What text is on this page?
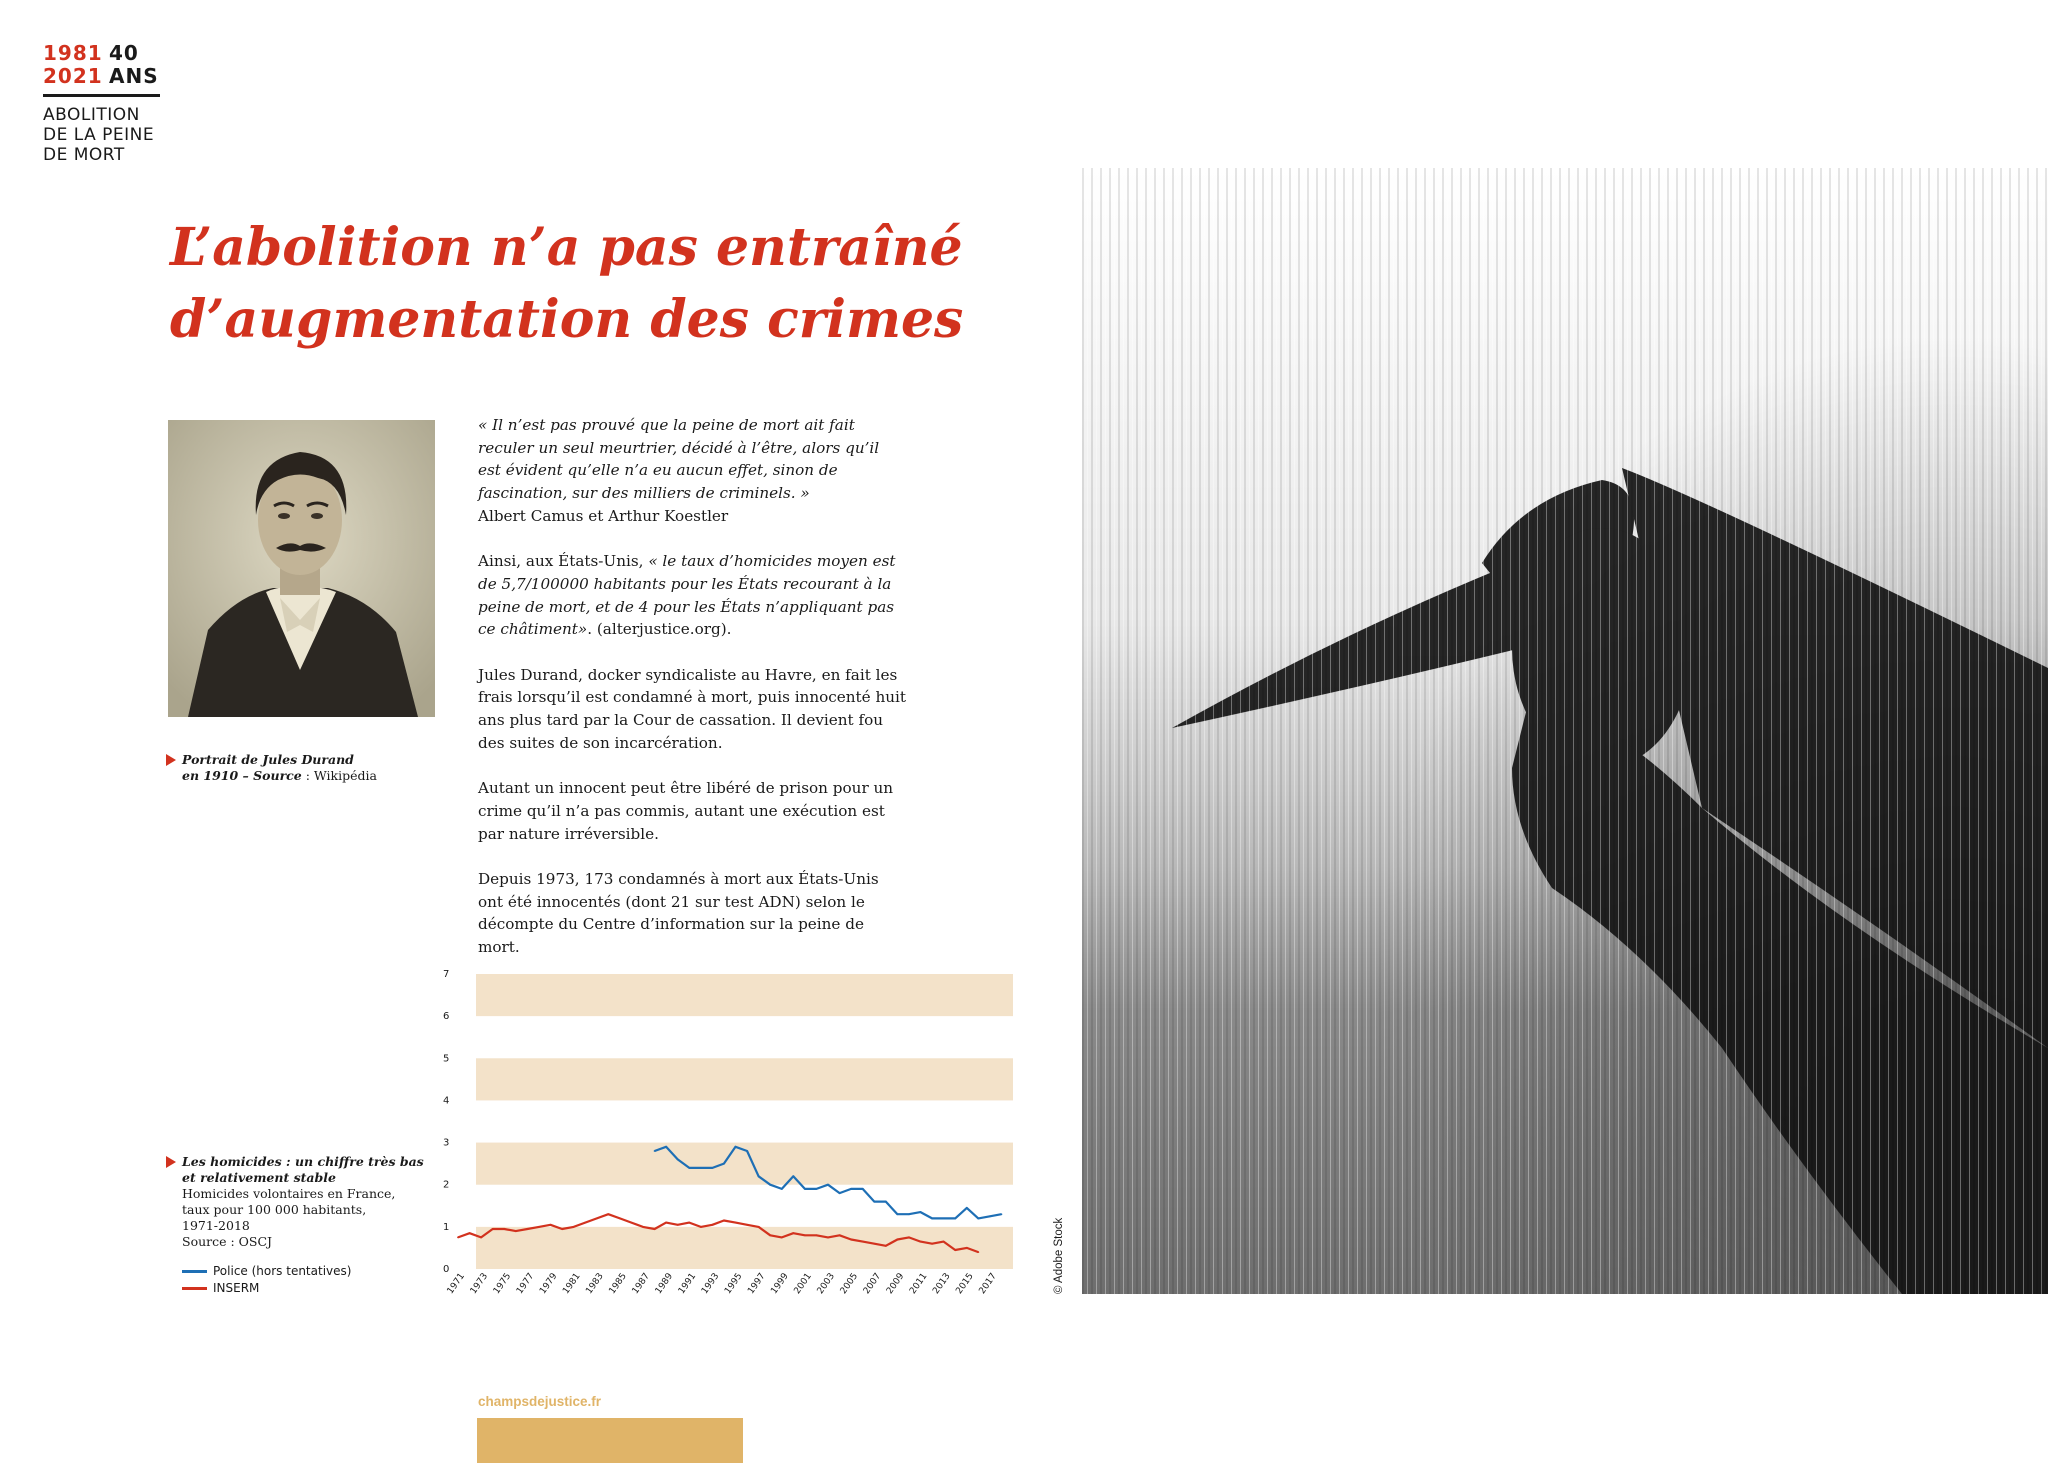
1981 40
2021 ANS
ABOLITION
DE LA PEINE
DE MORT
L’abolition n’a pas entraîné
d’augmentation des crimes
Portrait de Jules Durand
en 1910 – Source : Wikipédia

« Il n’est pas prouvé que la peine de mort ait fait reculer un seul meurtrier, décidé à l’être, alors qu’il est évident qu’elle n’a eu aucun effet, sinon de fascination, sur des milliers de criminels. »
Albert Camus et Arthur Koestler

Ainsi, aux États-Unis, « le taux d’homicides moyen est de 5,7/100000 habitants pour les États recourant à la peine de mort, et de 4 pour les États n’appliquant pas ce châtiment». (alterjustice.org).

Jules Durand, docker syndicaliste au Havre, en fait les frais lorsqu’il est condamné à mort, puis innocenté huit ans plus tard par la Cour de cassation. Il devient fou des suites de son incarcération.

Autant un innocent peut être libéré de prison pour un crime qu’il n’a pas commis, autant une exécution est par nature irréversible.

Depuis 1973, 173 condamnés à mort aux États-Unis ont été innocentés (dont 21 sur test ADN) selon le décompte du Centre d’information sur la peine de mort.

Les homicides : un chiffre très bas
et relativement stable
Homicides volontaires en France,
taux pour 100 000 habitants,
1971-2018
Source : OSCJ
Police (hors tentatives)
INSERM
0
1
2
3
4
5
6
7
1971 1973 1975 1977 1979 1981 1983 1985 1987 1989 1991 1993 1995 1997 1999 2001 2003 2005 2007 2009 2011 2013 2015 2017	© Adobe Stock
champsdejustice.fr
